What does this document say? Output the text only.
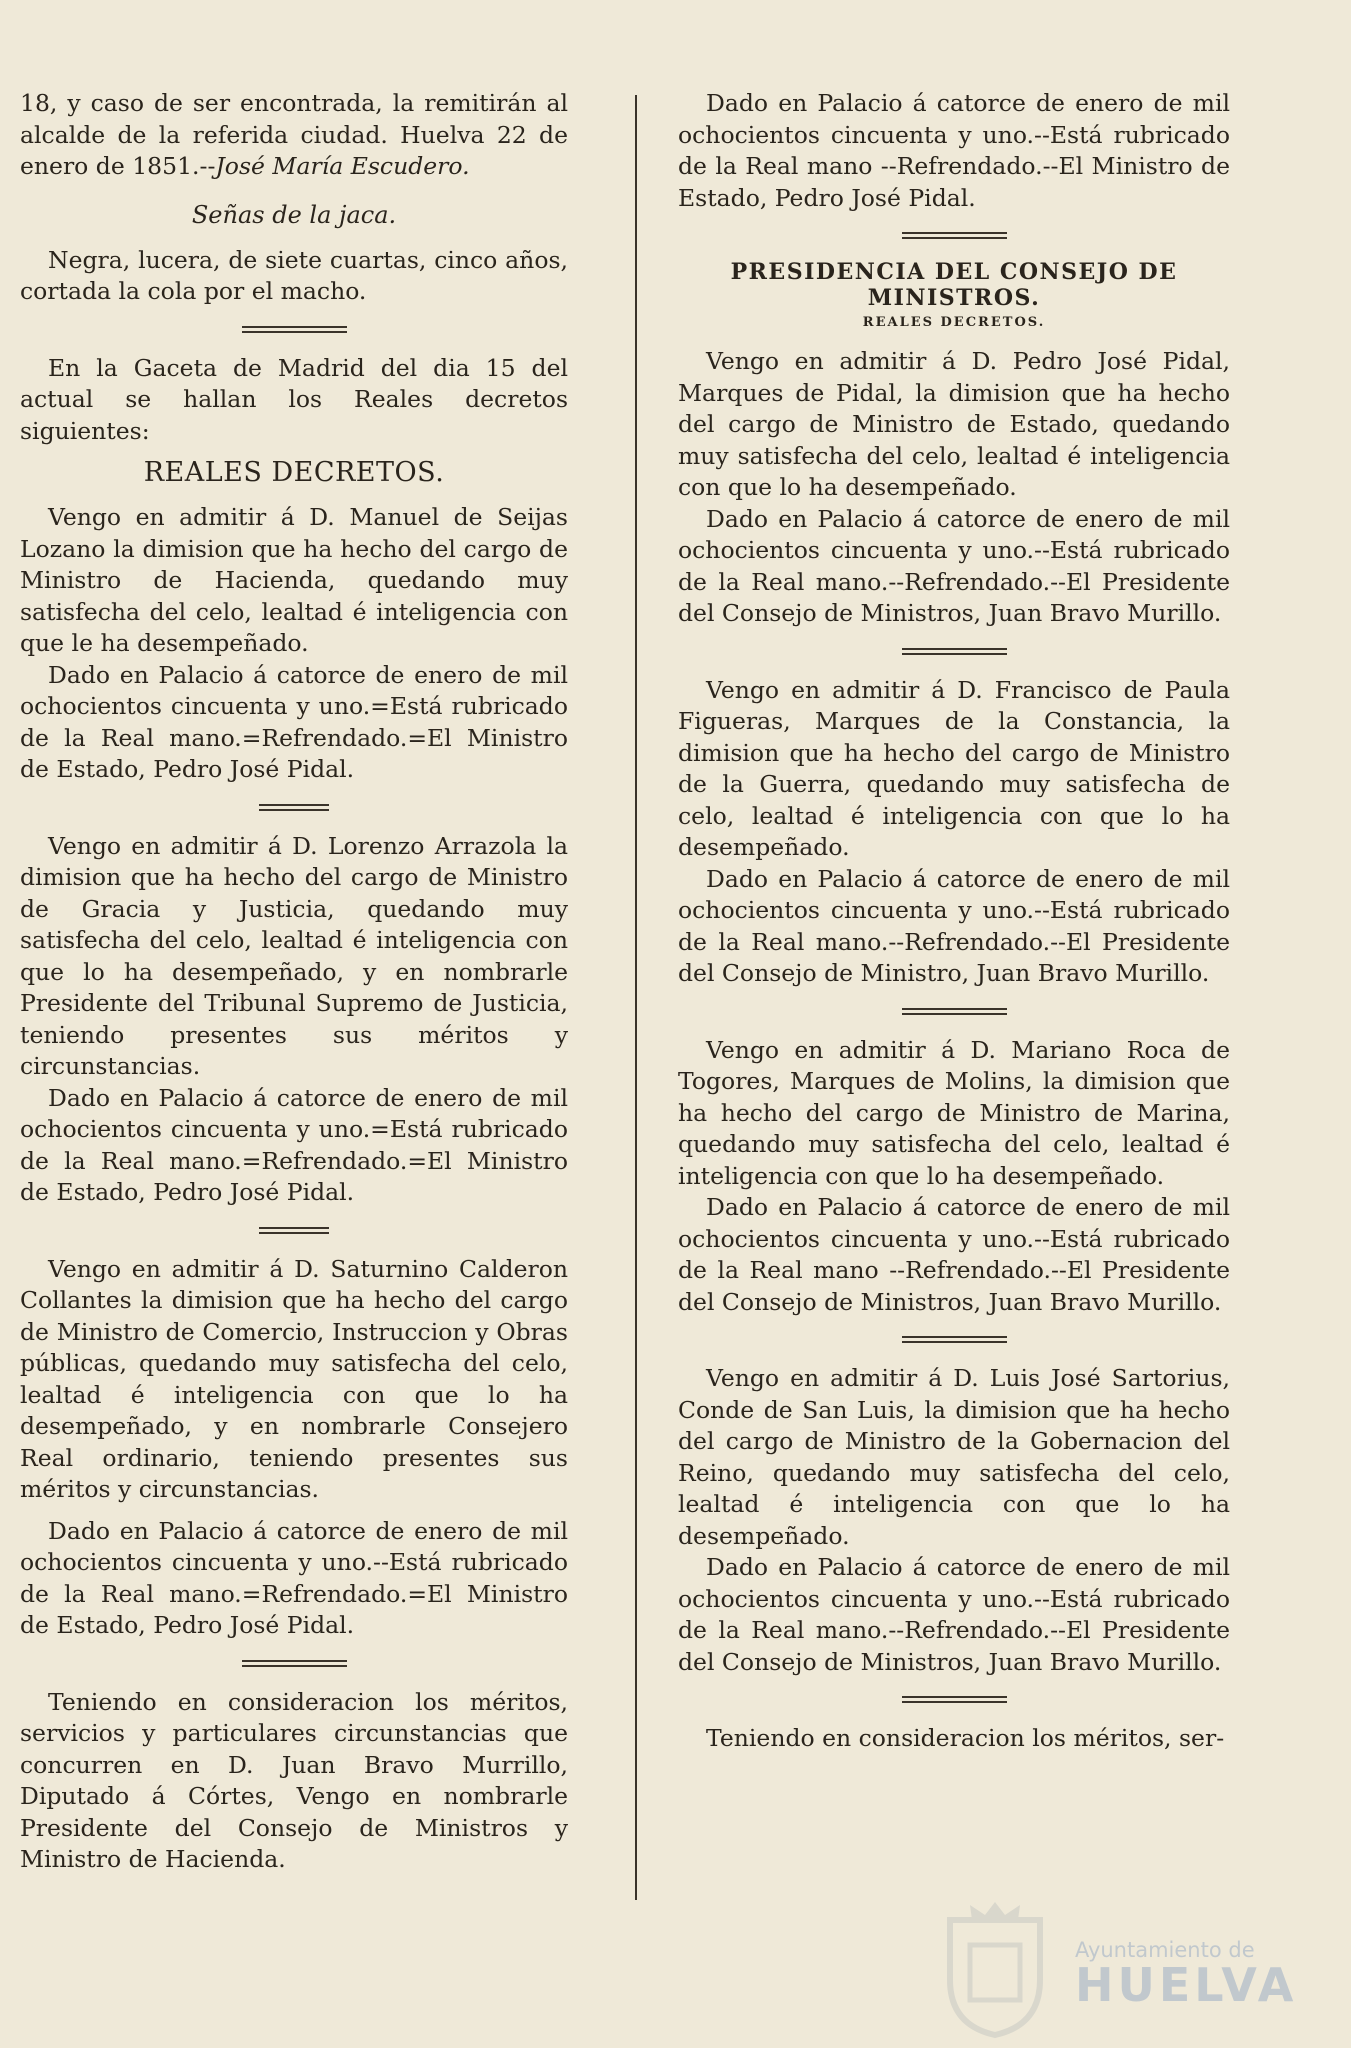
18, y caso de ser encontrada, la remitirán al alcalde de la referida ciudad. Huelva 22 de enero de 1851.--José María Escudero.

Señas de la jaca.

Negra, lucera, de siete cuartas, cinco años, cortada la cola por el macho.

En la Gaceta de Madrid del dia 15 del actual se hallan los Reales decretos siguientes:

REALES DECRETOS.

Vengo en admitir á D. Manuel de Seijas Lozano la dimision que ha hecho del cargo de Ministro de Hacienda, quedando muy satisfecha del celo, lealtad é inteligencia con que le ha desempeñado.

Dado en Palacio á catorce de enero de mil ochocientos cincuenta y uno.=Está rubricado de la Real mano.=Refrendado.=El Ministro de Estado, Pedro José Pidal.

Vengo en admitir á D. Lorenzo Arrazola la dimision que ha hecho del cargo de Ministro de Gracia y Justicia, quedando muy satisfecha del celo, lealtad é inteligencia con que lo ha desempeñado, y en nombrarle Presidente del Tribunal Supremo de Justicia, teniendo presentes sus méritos y circunstancias.

Dado en Palacio á catorce de enero de mil ochocientos cincuenta y uno.=Está rubricado de la Real mano.=Refrendado.=El Ministro de Estado, Pedro José Pidal.

Vengo en admitir á D. Saturnino Calderon Collantes la dimision que ha hecho del cargo de Ministro de Comercio, Instruccion y Obras públicas, quedando muy satisfecha del celo, lealtad é inteligencia con que lo ha desempeñado, y en nombrarle Consejero Real ordinario, teniendo presentes sus méritos y circunstancias.

Dado en Palacio á catorce de enero de mil ochocientos cincuenta y uno.--Está rubricado de la Real mano.=Refrendado.=El Ministro de Estado, Pedro José Pidal.

Teniendo en consideracion los méritos, servicios y particulares circunstancias que concurren en D. Juan Bravo Murrillo, Diputado á Córtes, Vengo en nombrarle Presidente del Consejo de Ministros y Ministro de Hacienda.

Dado en Palacio á catorce de enero de mil ochocientos cincuenta y uno.--Está rubricado de la Real mano --Refrendado.--El Ministro de Estado, Pedro José Pidal.

PRESIDENCIA DEL CONSEJO DE MINISTROS.
REALES DECRETOS.

Vengo en admitir á D. Pedro José Pidal, Marques de Pidal, la dimision que ha hecho del cargo de Ministro de Estado, quedando muy satisfecha del celo, lealtad é inteligencia con que lo ha desempeñado.

Dado en Palacio á catorce de enero de mil ochocientos cincuenta y uno.--Está rubricado de la Real mano.--Refrendado.--El Presidente del Consejo de Ministros, Juan Bravo Murillo.

Vengo en admitir á D. Francisco de Paula Figueras, Marques de la Constancia, la dimision que ha hecho del cargo de Ministro de la Guerra, quedando muy satisfecha de celo, lealtad é inteligencia con que lo ha desempeñado.

Dado en Palacio á catorce de enero de mil ochocientos cincuenta y uno.--Está rubricado de la Real mano.--Refrendado.--El Presidente del Consejo de Ministro, Juan Bravo Murillo.

Vengo en admitir á D. Mariano Roca de Togores, Marques de Molins, la dimision que ha hecho del cargo de Ministro de Marina, quedando muy satisfecha del celo, lealtad é inteligencia con que lo ha desempeñado.

Dado en Palacio á catorce de enero de mil ochocientos cincuenta y uno.--Está rubricado de la Real mano --Refrendado.--El Presidente del Consejo de Ministros, Juan Bravo Murillo.

Vengo en admitir á D. Luis José Sartorius, Conde de San Luis, la dimision que ha hecho del cargo de Ministro de la Gobernacion del Reino, quedando muy satisfecha del celo, lealtad é inteligencia con que lo ha desempeñado.

Dado en Palacio á catorce de enero de mil ochocientos cincuenta y uno.--Está rubricado de la Real mano.--Refrendado.--El Presidente del Consejo de Ministros, Juan Bravo Murillo.

Teniendo en consideracion los méritos, ser-

Ayuntamiento de
HUELVA
